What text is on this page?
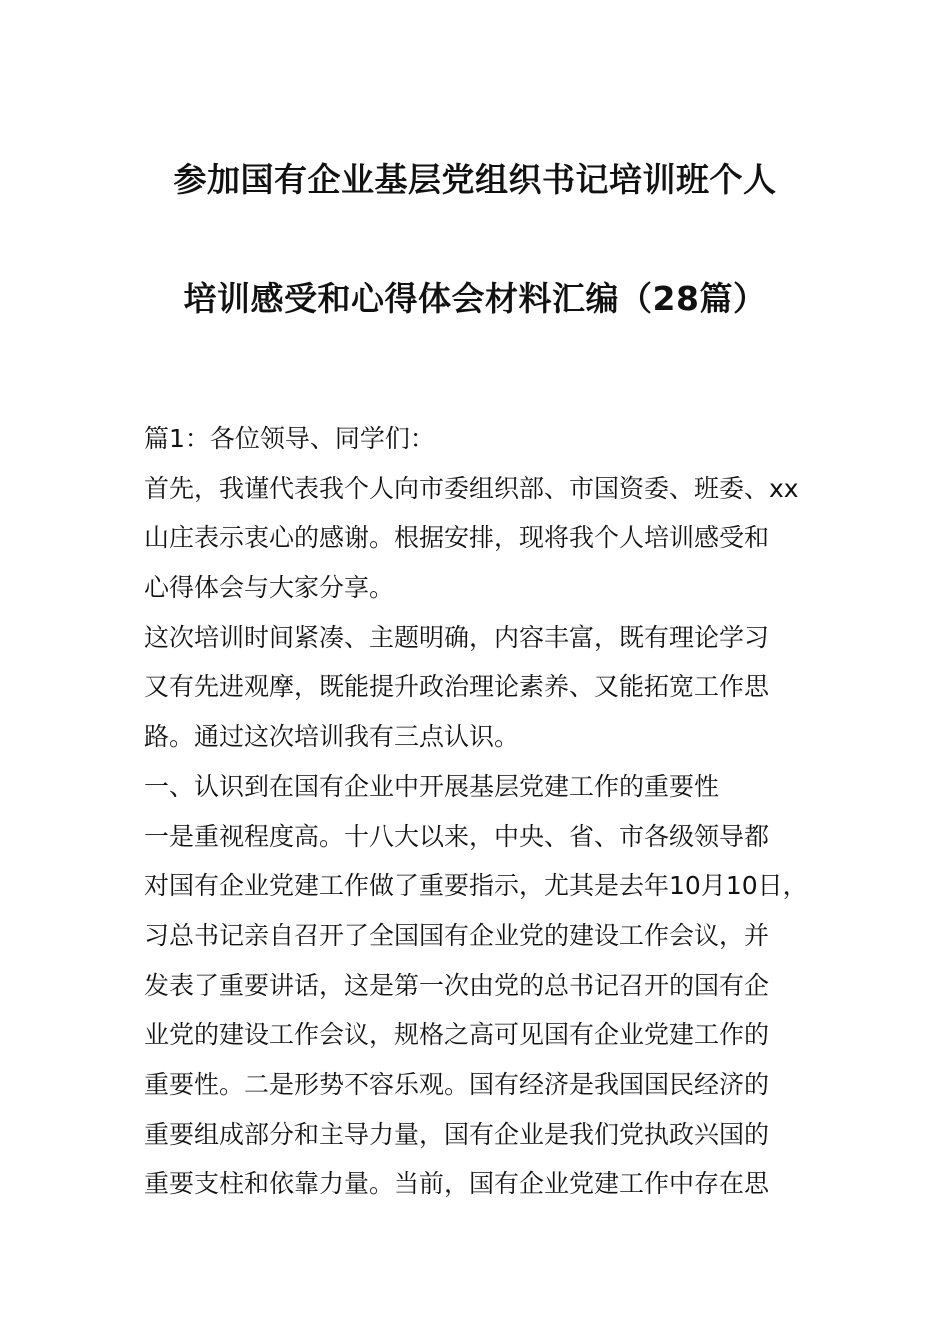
参加国有企业基层党组织书记培训班个人
培训感受和心得体会材料汇编（28篇）
篇1：各位领导、同学们：
首先，我谨代表我个人向市委组织部、市国资委、班委、xx
山庄表示衷心的感谢。根据安排，现将我个人培训感受和
心得体会与大家分享。
这次培训时间紧凑、主题明确，内容丰富，既有理论学习
又有先进观摩，既能提升政治理论素养、又能拓宽工作思
路。通过这次培训我有三点认识。
一、认识到在国有企业中开展基层党建工作的重要性
一是重视程度高。十八大以来，中央、省、市各级领导都
对国有企业党建工作做了重要指示，尤其是去年10月10日，
习总书记亲自召开了全国国有企业党的建设工作会议，并
发表了重要讲话，这是第一次由党的总书记召开的国有企
业党的建设工作会议，规格之高可见国有企业党建工作的
重要性。二是形势不容乐观。国有经济是我国国民经济的
重要组成部分和主导力量，国有企业是我们党执政兴国的
重要支柱和依靠力量。当前，国有企业党建工作中存在思
